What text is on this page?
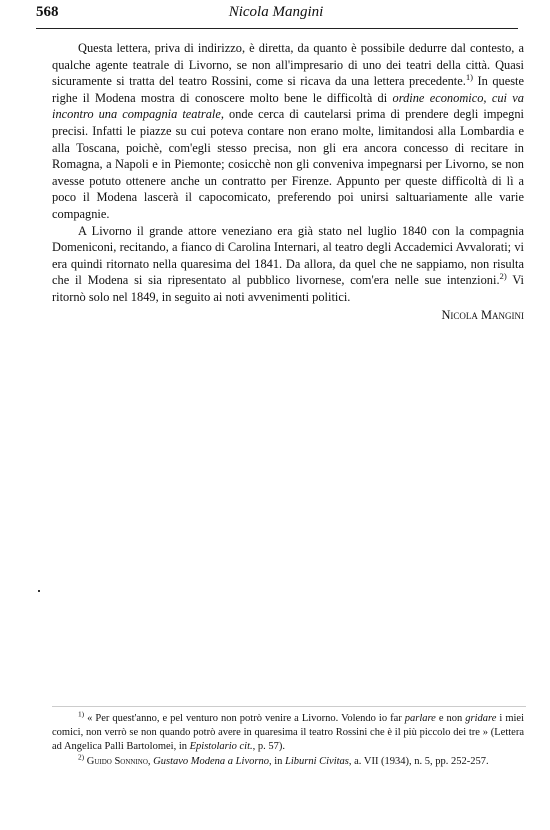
568	Nicola Mangini

Questa lettera, priva di indirizzo, è diretta, da quanto è possibile dedurre dal contesto, a qualche agente teatrale di Livorno, se non all'impresario di uno dei teatri della città. Quasi sicuramente si tratta del teatro Rossini, come si ricava da una lettera precedente.$^{1)}$ In queste righe il Modena mostra di conoscere molto bene le difficoltà di ordine economico, cui va incontro una compagnia teatrale, onde cerca di cautelarsi prima di prendere degli impegni precisi. Infatti le piazze su cui poteva contare non erano molte, limitandosi alla Lombardia e alla Toscana, poichè, com'egli stesso precisa, non gli era ancora concesso di recitare in Romagna, a Napoli e in Piemonte; cosicchè non gli conveniva impegnarsi per Livorno, se non avesse potuto ottenere anche un contratto per Firenze. Appunto per queste difficoltà di lì a poco il Modena lascerà il capocomicato, preferendo poi unirsi saltuariamente alle varie compagnie.

A Livorno il grande attore veneziano era già stato nel luglio 1840 con la compagnia Domeniconi, recitando, a fianco di Carolina Internari, al teatro degli Accademici Avvalorati; vi era quindi ritornato nella quaresima del 1841. Da allora, da quel che ne sappiamo, non risulta che il Modena si sia ripresentato al pubblico livornese, com'era nelle sue intenzioni.$^{2)}$ Vi ritornò solo nel 1849, in seguito ai noti avvenimenti politici.

Nicola Mangini

$^{1)}$ « Per quest'anno, e pel venturo non potrò venire a Livorno. Volendo io far parlare e non gridare i miei comici, non verrò se non quando potrò avere in quaresima il teatro Rossini che è il più piccolo dei tre » (Lettera ad Angelica Palli Bartolomei, in Epistolario cit., p. 57).

$^{2)}$ Guido Sonnino, Gustavo Modena a Livorno, in Liburni Civitas, a. VII (1934), n. 5, pp. 252-257.
